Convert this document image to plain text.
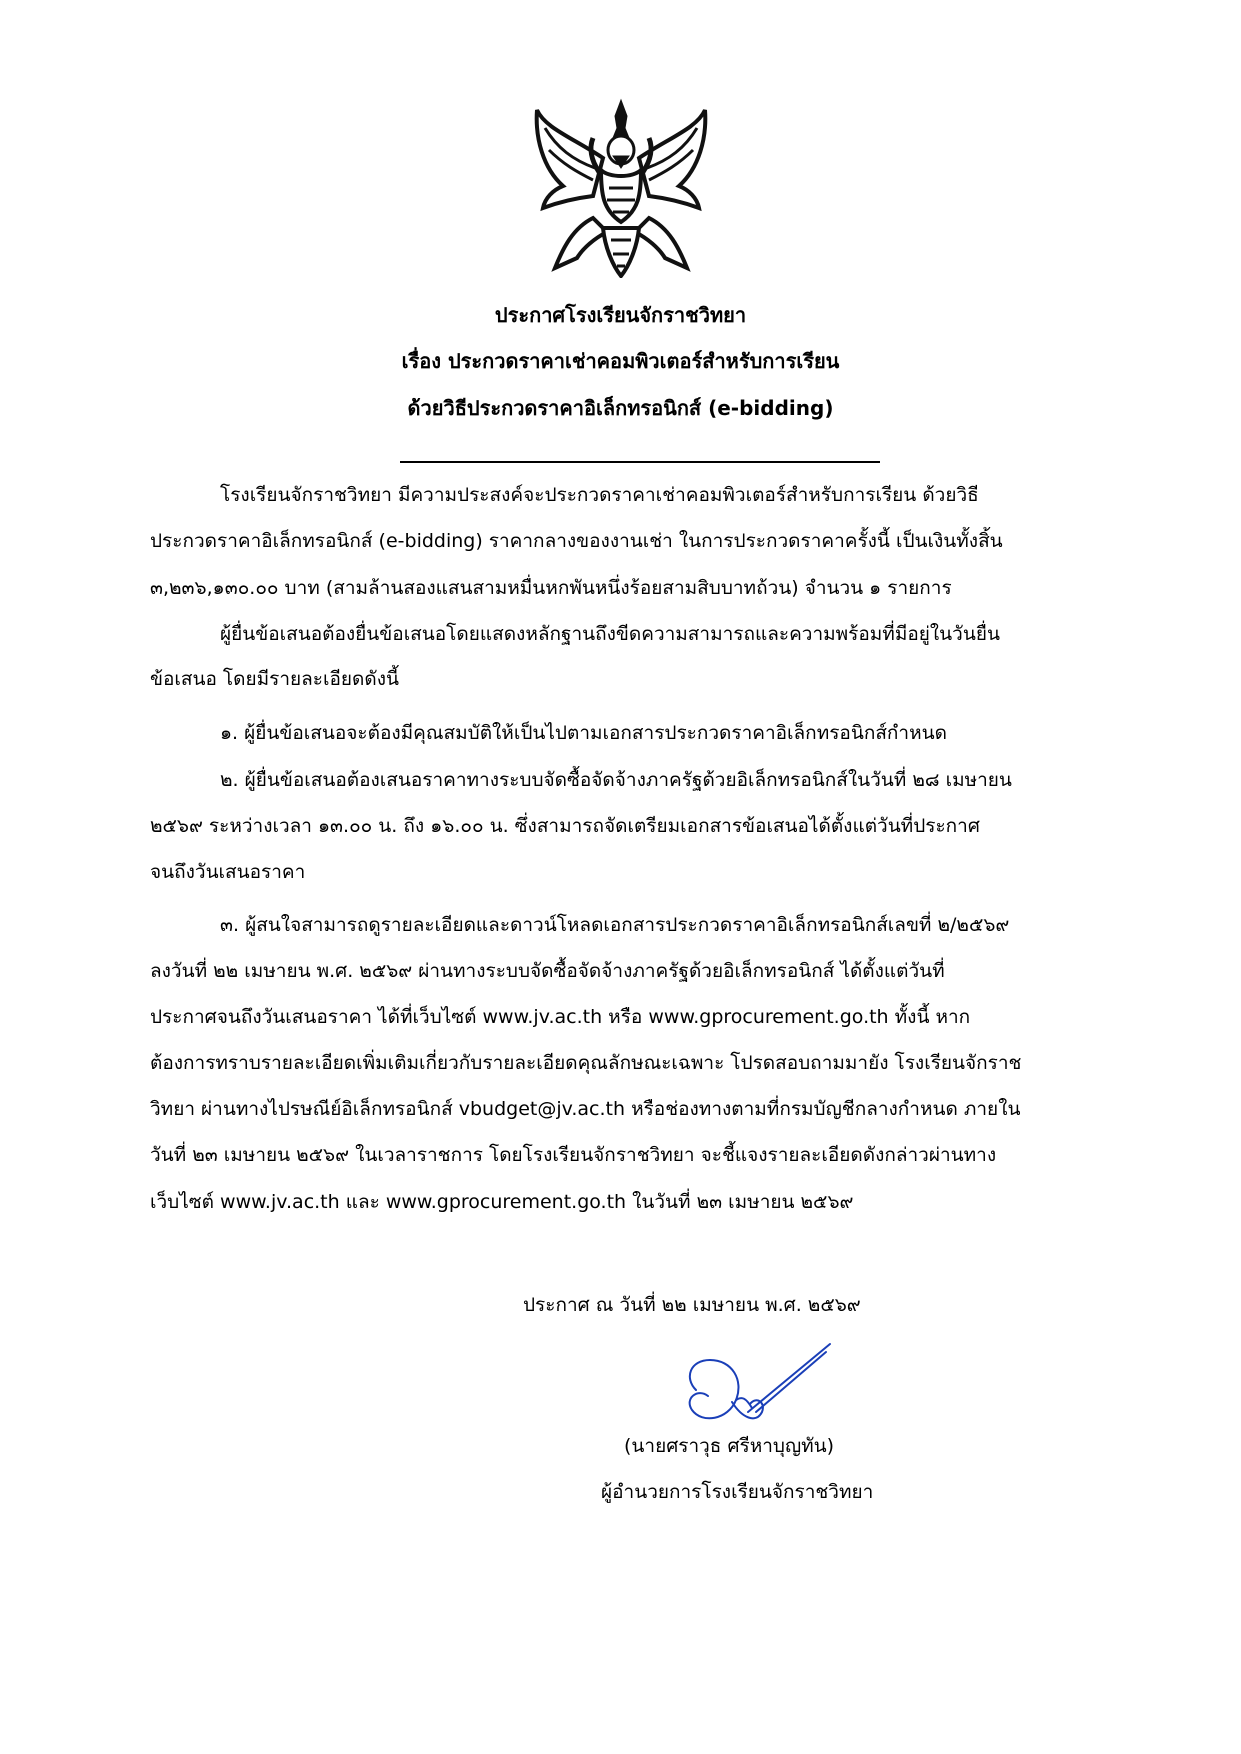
ประกาศโรงเรียนจักราชวิทยา
เรื่อง ประกวดราคาเช่าคอมพิวเตอร์สำหรับการเรียน
ด้วยวิธีประกวดราคาอิเล็กทรอนิกส์ (e-bidding)
โรงเรียนจักราชวิทยา มีความประสงค์จะประกวดราคาเช่าคอมพิวเตอร์สำหรับการเรียน ด้วยวิธี
ประกวดราคาอิเล็กทรอนิกส์ (e-bidding) ราคากลางของงานเช่า ในการประกวดราคาครั้งนี้ เป็นเงินทั้งสิ้น
๓,๒๓๖,๑๓๐.๐๐ บาท (สามล้านสองแสนสามหมื่นหกพันหนึ่งร้อยสามสิบบาทถ้วน) จำนวน ๑ รายการ
ผู้ยื่นข้อเสนอต้องยื่นข้อเสนอโดยแสดงหลักฐานถึงขีดความสามารถและความพร้อมที่มีอยู่ในวันยื่น
ข้อเสนอ โดยมีรายละเอียดดังนี้
๑. ผู้ยื่นข้อเสนอจะต้องมีคุณสมบัติให้เป็นไปตามเอกสารประกวดราคาอิเล็กทรอนิกส์กำหนด
๒. ผู้ยื่นข้อเสนอต้องเสนอราคาทางระบบจัดซื้อจัดจ้างภาครัฐด้วยอิเล็กทรอนิกส์ในวันที่ ๒๘ เมษายน
๒๕๖๙ ระหว่างเวลา ๑๓.๐๐ น. ถึง ๑๖.๐๐ น. ซึ่งสามารถจัดเตรียมเอกสารข้อเสนอได้ตั้งแต่วันที่ประกาศ
จนถึงวันเสนอราคา
๓. ผู้สนใจสามารถดูรายละเอียดและดาวน์โหลดเอกสารประกวดราคาอิเล็กทรอนิกส์เลขที่ ๒/๒๕๖๙
ลงวันที่ ๒๒ เมษายน พ.ศ. ๒๕๖๙ ผ่านทางระบบจัดซื้อจัดจ้างภาครัฐด้วยอิเล็กทรอนิกส์ ได้ตั้งแต่วันที่
ประกาศจนถึงวันเสนอราคา ได้ที่เว็บไซต์ www.jv.ac.th หรือ www.gprocurement.go.th ทั้งนี้ หาก
ต้องการทราบรายละเอียดเพิ่มเติมเกี่ยวกับรายละเอียดคุณลักษณะเฉพาะ โปรดสอบถามมายัง โรงเรียนจักราช
วิทยา ผ่านทางไปรษณีย์อิเล็กทรอนิกส์ vbudget@jv.ac.th หรือช่องทางตามที่กรมบัญชีกลางกำหนด ภายใน
วันที่ ๒๓ เมษายน ๒๕๖๙ ในเวลาราชการ โดยโรงเรียนจักราชวิทยา จะชี้แจงรายละเอียดดังกล่าวผ่านทาง
เว็บไซต์ www.jv.ac.th และ www.gprocurement.go.th ในวันที่ ๒๓ เมษายน ๒๕๖๙
ประกาศ ณ วันที่ ๒๒ เมษายน พ.ศ. ๒๕๖๙
(นายศราวุธ ศรีหาบุญทัน)
ผู้อำนวยการโรงเรียนจักราชวิทยา
